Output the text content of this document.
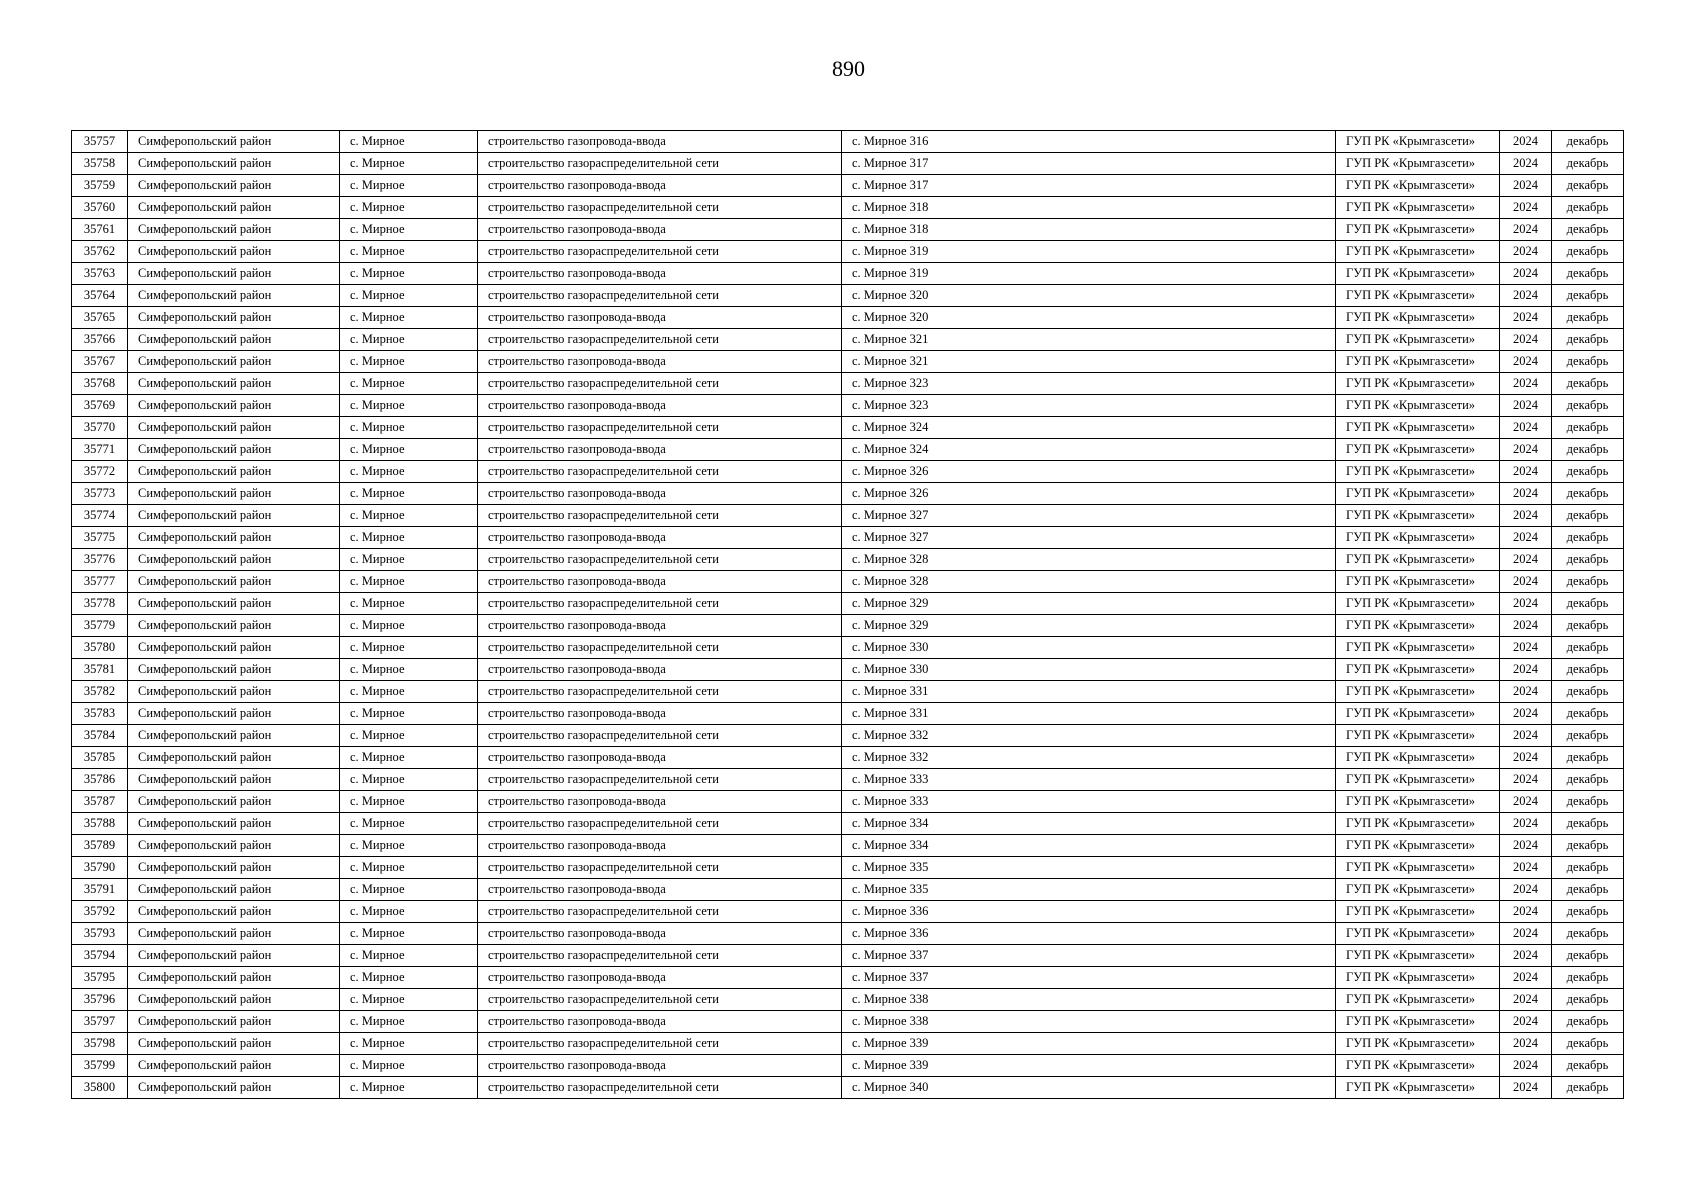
890
35757	Симферопольский район	с. Мирное	строительство газопровода-ввода	с. Мирное 316	ГУП РК «Крымгазсети»	2024	декабрь
35758	Симферопольский район	с. Мирное	строительство газораспределительной сети	с. Мирное 317	ГУП РК «Крымгазсети»	2024	декабрь
35759	Симферопольский район	с. Мирное	строительство газопровода-ввода	с. Мирное 317	ГУП РК «Крымгазсети»	2024	декабрь
35760	Симферопольский район	с. Мирное	строительство газораспределительной сети	с. Мирное 318	ГУП РК «Крымгазсети»	2024	декабрь
35761	Симферопольский район	с. Мирное	строительство газопровода-ввода	с. Мирное 318	ГУП РК «Крымгазсети»	2024	декабрь
35762	Симферопольский район	с. Мирное	строительство газораспределительной сети	с. Мирное 319	ГУП РК «Крымгазсети»	2024	декабрь
35763	Симферопольский район	с. Мирное	строительство газопровода-ввода	с. Мирное 319	ГУП РК «Крымгазсети»	2024	декабрь
35764	Симферопольский район	с. Мирное	строительство газораспределительной сети	с. Мирное 320	ГУП РК «Крымгазсети»	2024	декабрь
35765	Симферопольский район	с. Мирное	строительство газопровода-ввода	с. Мирное 320	ГУП РК «Крымгазсети»	2024	декабрь
35766	Симферопольский район	с. Мирное	строительство газораспределительной сети	с. Мирное 321	ГУП РК «Крымгазсети»	2024	декабрь
35767	Симферопольский район	с. Мирное	строительство газопровода-ввода	с. Мирное 321	ГУП РК «Крымгазсети»	2024	декабрь
35768	Симферопольский район	с. Мирное	строительство газораспределительной сети	с. Мирное 323	ГУП РК «Крымгазсети»	2024	декабрь
35769	Симферопольский район	с. Мирное	строительство газопровода-ввода	с. Мирное 323	ГУП РК «Крымгазсети»	2024	декабрь
35770	Симферопольский район	с. Мирное	строительство газораспределительной сети	с. Мирное 324	ГУП РК «Крымгазсети»	2024	декабрь
35771	Симферопольский район	с. Мирное	строительство газопровода-ввода	с. Мирное 324	ГУП РК «Крымгазсети»	2024	декабрь
35772	Симферопольский район	с. Мирное	строительство газораспределительной сети	с. Мирное 326	ГУП РК «Крымгазсети»	2024	декабрь
35773	Симферопольский район	с. Мирное	строительство газопровода-ввода	с. Мирное 326	ГУП РК «Крымгазсети»	2024	декабрь
35774	Симферопольский район	с. Мирное	строительство газораспределительной сети	с. Мирное 327	ГУП РК «Крымгазсети»	2024	декабрь
35775	Симферопольский район	с. Мирное	строительство газопровода-ввода	с. Мирное 327	ГУП РК «Крымгазсети»	2024	декабрь
35776	Симферопольский район	с. Мирное	строительство газораспределительной сети	с. Мирное 328	ГУП РК «Крымгазсети»	2024	декабрь
35777	Симферопольский район	с. Мирное	строительство газопровода-ввода	с. Мирное 328	ГУП РК «Крымгазсети»	2024	декабрь
35778	Симферопольский район	с. Мирное	строительство газораспределительной сети	с. Мирное 329	ГУП РК «Крымгазсети»	2024	декабрь
35779	Симферопольский район	с. Мирное	строительство газопровода-ввода	с. Мирное 329	ГУП РК «Крымгазсети»	2024	декабрь
35780	Симферопольский район	с. Мирное	строительство газораспределительной сети	с. Мирное 330	ГУП РК «Крымгазсети»	2024	декабрь
35781	Симферопольский район	с. Мирное	строительство газопровода-ввода	с. Мирное 330	ГУП РК «Крымгазсети»	2024	декабрь
35782	Симферопольский район	с. Мирное	строительство газораспределительной сети	с. Мирное 331	ГУП РК «Крымгазсети»	2024	декабрь
35783	Симферопольский район	с. Мирное	строительство газопровода-ввода	с. Мирное 331	ГУП РК «Крымгазсети»	2024	декабрь
35784	Симферопольский район	с. Мирное	строительство газораспределительной сети	с. Мирное 332	ГУП РК «Крымгазсети»	2024	декабрь
35785	Симферопольский район	с. Мирное	строительство газопровода-ввода	с. Мирное 332	ГУП РК «Крымгазсети»	2024	декабрь
35786	Симферопольский район	с. Мирное	строительство газораспределительной сети	с. Мирное 333	ГУП РК «Крымгазсети»	2024	декабрь
35787	Симферопольский район	с. Мирное	строительство газопровода-ввода	с. Мирное 333	ГУП РК «Крымгазсети»	2024	декабрь
35788	Симферопольский район	с. Мирное	строительство газораспределительной сети	с. Мирное 334	ГУП РК «Крымгазсети»	2024	декабрь
35789	Симферопольский район	с. Мирное	строительство газопровода-ввода	с. Мирное 334	ГУП РК «Крымгазсети»	2024	декабрь
35790	Симферопольский район	с. Мирное	строительство газораспределительной сети	с. Мирное 335	ГУП РК «Крымгазсети»	2024	декабрь
35791	Симферопольский район	с. Мирное	строительство газопровода-ввода	с. Мирное 335	ГУП РК «Крымгазсети»	2024	декабрь
35792	Симферопольский район	с. Мирное	строительство газораспределительной сети	с. Мирное 336	ГУП РК «Крымгазсети»	2024	декабрь
35793	Симферопольский район	с. Мирное	строительство газопровода-ввода	с. Мирное 336	ГУП РК «Крымгазсети»	2024	декабрь
35794	Симферопольский район	с. Мирное	строительство газораспределительной сети	с. Мирное 337	ГУП РК «Крымгазсети»	2024	декабрь
35795	Симферопольский район	с. Мирное	строительство газопровода-ввода	с. Мирное 337	ГУП РК «Крымгазсети»	2024	декабрь
35796	Симферопольский район	с. Мирное	строительство газораспределительной сети	с. Мирное 338	ГУП РК «Крымгазсети»	2024	декабрь
35797	Симферопольский район	с. Мирное	строительство газопровода-ввода	с. Мирное 338	ГУП РК «Крымгазсети»	2024	декабрь
35798	Симферопольский район	с. Мирное	строительство газораспределительной сети	с. Мирное 339	ГУП РК «Крымгазсети»	2024	декабрь
35799	Симферопольский район	с. Мирное	строительство газопровода-ввода	с. Мирное 339	ГУП РК «Крымгазсети»	2024	декабрь
35800	Симферопольский район	с. Мирное	строительство газораспределительной сети	с. Мирное 340	ГУП РК «Крымгазсети»	2024	декабрь
